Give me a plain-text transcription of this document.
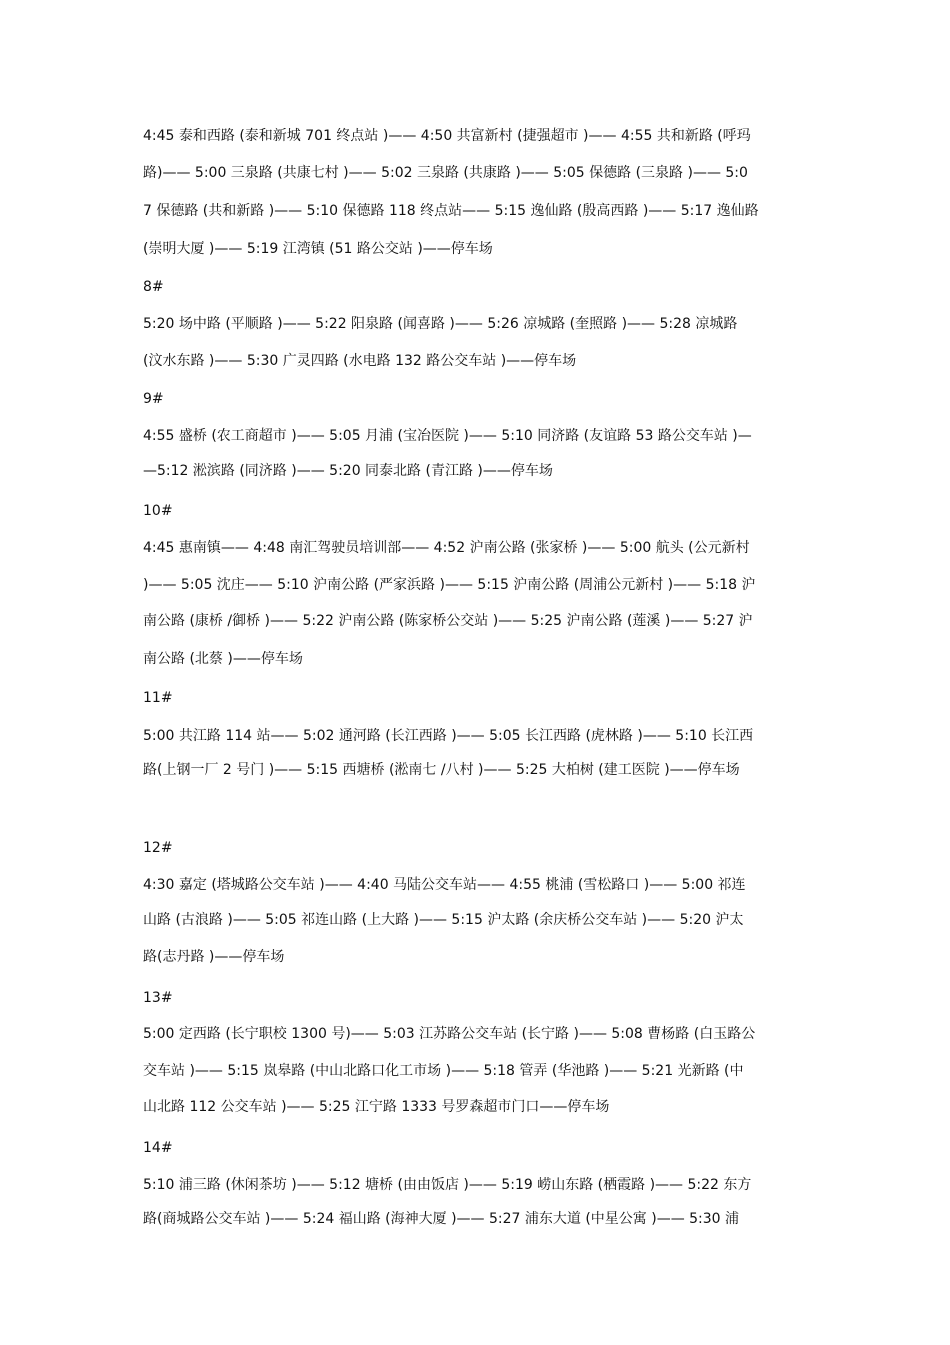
4:45 泰和西路 (泰和新城 701 终点站 )—— 4:50 共富新村 (捷强超市 )—— 4:55 共和新路 (呼玛
路)—— 5:00 三泉路 (共康七村 )—— 5:02 三泉路 (共康路 )—— 5:05 保德路 (三泉路 )—— 5:0
7 保德路 (共和新路 )—— 5:10 保德路 118 终点站—— 5:15 逸仙路 (殷高西路 )—— 5:17 逸仙路
(崇明大厦 )—— 5:19 江湾镇 (51 路公交站 )——停车场
8#
5:20 场中路 (平顺路 )—— 5:22 阳泉路 (闻喜路 )—— 5:26 凉城路 (奎照路 )—— 5:28 凉城路
(汶水东路 )—— 5:30 广灵四路 (水电路 132 路公交车站 )——停车场
9#
4:55 盛桥 (农工商超市 )—— 5:05 月浦 (宝冶医院 )—— 5:10 同济路 (友谊路 53 路公交车站 )—
—5:12 淞滨路 (同济路 )—— 5:20 同泰北路 (青江路 )——停车场
10#
4:45 惠南镇—— 4:48 南汇驾驶员培训部—— 4:52 沪南公路 (张家桥 )—— 5:00 航头 (公元新村
)—— 5:05 沈庄—— 5:10 沪南公路 (严家浜路 )—— 5:15 沪南公路 (周浦公元新村 )—— 5:18 沪
南公路 (康桥 /御桥 )—— 5:22 沪南公路 (陈家桥公交站 )—— 5:25 沪南公路 (莲溪 )—— 5:27 沪
南公路 (北蔡 )——停车场
11#
5:00 共江路 114 站—— 5:02 通河路 (长江西路 )—— 5:05 长江西路 (虎林路 )—— 5:10 长江西
路(上钢一厂 2 号门 )—— 5:15 西塘桥 (淞南七 /八村 )—— 5:25 大柏树 (建工医院 )——停车场
12#
4:30 嘉定 (塔城路公交车站 )—— 4:40 马陆公交车站—— 4:55 桃浦 (雪松路口 )—— 5:00 祁连
山路 (古浪路 )—— 5:05 祁连山路 (上大路 )—— 5:15 沪太路 (余庆桥公交车站 )—— 5:20 沪太
路(志丹路 )——停车场
13#
5:00 定西路 (长宁职校 1300 号)—— 5:03 江苏路公交车站 (长宁路 )—— 5:08 曹杨路 (白玉路公
交车站 )—— 5:15 岚皋路 (中山北路口化工市场 )—— 5:18 管弄 (华池路 )—— 5:21 光新路 (中
山北路 112 公交车站 )—— 5:25 江宁路 1333 号罗森超市门口——停车场
14#
5:10 浦三路 (休闲茶坊 )—— 5:12 塘桥 (由由饭店 )—— 5:19 崂山东路 (栖霞路 )—— 5:22 东方
路(商城路公交车站 )—— 5:24 福山路 (海神大厦 )—— 5:27 浦东大道 (中星公寓 )—— 5:30 浦
